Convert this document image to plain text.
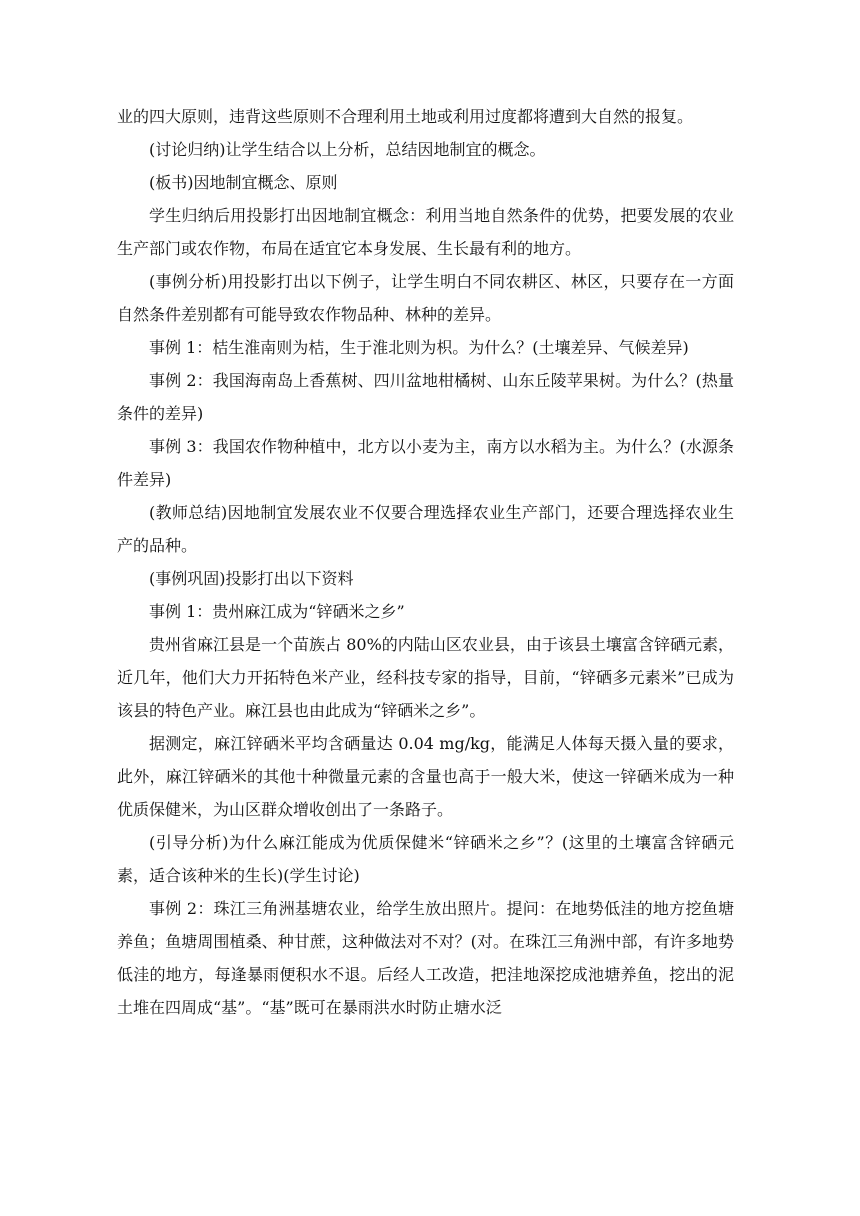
业的四大原则，违背这些原则不合理利用土地或利用过度都将遭到大自然的报复。

(讨论归纳)让学生结合以上分析，总结因地制宜的概念。

(板书)因地制宜概念、原则

学生归纳后用投影打出因地制宜概念：利用当地自然条件的优势，把要发展的农业生产部门或农作物，布局在适宜它本身发展、生长最有利的地方。

(事例分析)用投影打出以下例子，让学生明白不同农耕区、林区，只要存在一方面自然条件差别都有可能导致农作物品种、林种的差异。

事例 1：桔生淮南则为桔，生于淮北则为枳。为什么？(土壤差异、气候差异)

事例 2：我国海南岛上香蕉树、四川盆地柑橘树、山东丘陵苹果树。为什么？(热量条件的差异)

事例 3：我国农作物种植中，北方以小麦为主，南方以水稻为主。为什么？(水源条件差异)

(教师总结)因地制宜发展农业不仅要合理选择农业生产部门，还要合理选择农业生产的品种。

(事例巩固)投影打出以下资料

事例 1：贵州麻江成为“锌硒米之乡”

贵州省麻江县是一个苗族占 80%的内陆山区农业县，由于该县土壤富含锌硒元素，近几年，他们大力开拓特色米产业，经科技专家的指导，目前，“锌硒多元素米”已成为该县的特色产业。麻江县也由此成为“锌硒米之乡”。

据测定，麻江锌硒米平均含硒量达 0.04 mg/kg，能满足人体每天摄入量的要求，此外，麻江锌硒米的其他十种微量元素的含量也高于一般大米，使这一锌硒米成为一种优质保健米，为山区群众增收创出了一条路子。

(引导分析)为什么麻江能成为优质保健米“锌硒米之乡”？(这里的土壤富含锌硒元素，适合该种米的生长)(学生讨论)

事例 2：珠江三角洲基塘农业，给学生放出照片。提问：在地势低洼的地方挖鱼塘养鱼；鱼塘周围植桑、种甘蔗，这种做法对不对？(对。在珠江三角洲中部，有许多地势低洼的地方，每逢暴雨便积水不退。后经人工改造，把洼地深挖成池塘养鱼，挖出的泥土堆在四周成“基”。“基”既可在暴雨洪水时防止塘水泛
